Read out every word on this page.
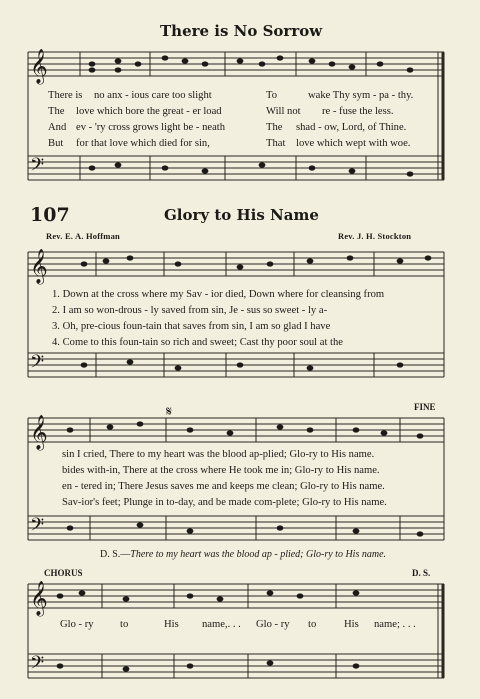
There is No Sorrow
𝄞
𝄢
𝄞
𝄢
𝄞
𝄢
𝄞
𝄢
𝄋
There is no anx - ious care too slight	To	wake Thy sym - pa - thy.
The love which bore the great - er load	Will not re - fuse the less.
And ev - 'ry cross grows light be - neath	The shad - ow, Lord, of Thine.
But for that love which died for sin,	That love which wept with woe.
107	Glory to His Name
Rev. E. A. Hoffman	Rev. J. H. Stockton
1. Down at the cross where my Sav - ior died, Down where for cleansing from
2. I am so won-drous - ly saved from sin, Je - sus so sweet - ly a-
3. Oh, pre-cious foun-tain that saves from sin, I am so glad I have
4. Come to this foun-tain so rich and sweet; Cast thy poor soul at the
FINE
sin I cried, There to my heart was the blood ap-plied; Glo-ry to His name.
bides with-in, There at the cross where He took me in; Glo-ry to His name.
en - tered in; There Jesus saves me and keeps me clean; Glo-ry to His name.
Sav-ior's feet; Plunge in to-day, and be made com-plete; Glo-ry to His name.
D. S.—There to my heart was the blood ap - plied; Glo-ry to His name.
CHORUS	D. S.
Glo - ry to	His name,. . . Glo - ry to	His name; . . .
